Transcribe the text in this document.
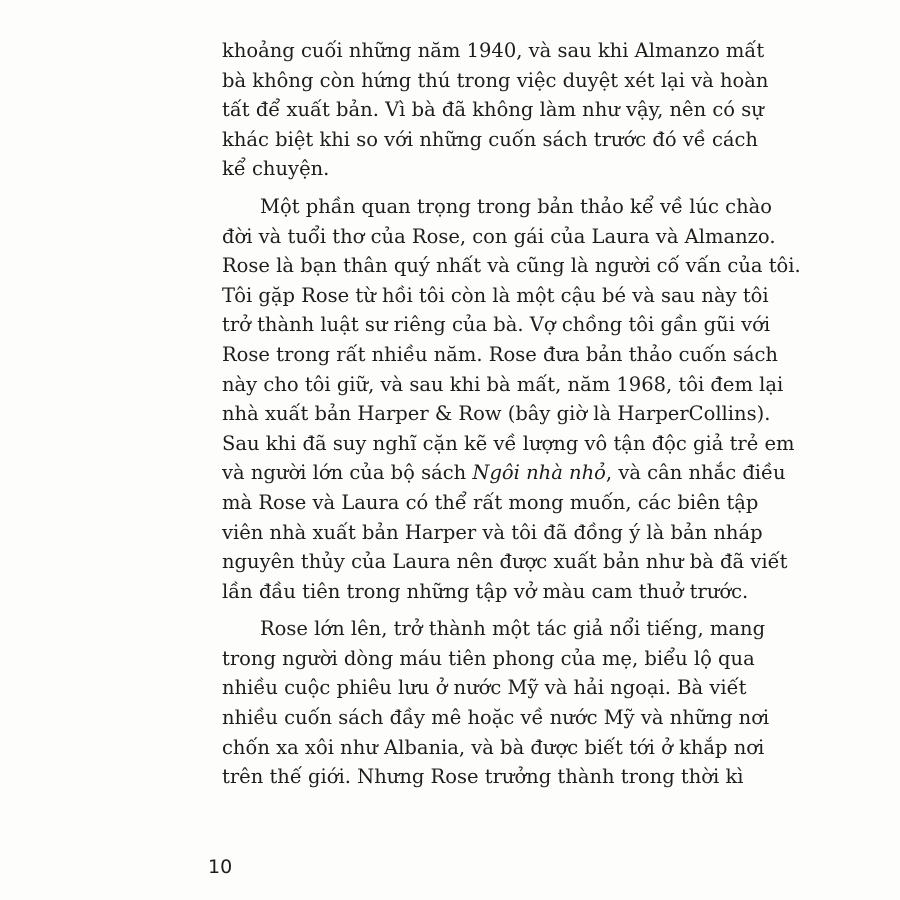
khoảng cuối những năm 1940, và sau khi Almanzo mất
bà không còn hứng thú trong việc duyệt xét lại và hoàn
tất để xuất bản. Vì bà đã không làm như vậy, nên có sự
khác biệt khi so với những cuốn sách trước đó về cách
kể chuyện.

Một phần quan trọng trong bản thảo kể về lúc chào
đời và tuổi thơ của Rose, con gái của Laura và Almanzo.
Rose là bạn thân quý nhất và cũng là người cố vấn của tôi.
Tôi gặp Rose từ hồi tôi còn là một cậu bé và sau này tôi
trở thành luật sư riêng của bà. Vợ chồng tôi gần gũi với
Rose trong rất nhiều năm. Rose đưa bản thảo cuốn sách
này cho tôi giữ, và sau khi bà mất, năm 1968, tôi đem lại
nhà xuất bản Harper & Row (bây giờ là HarperCollins).
Sau khi đã suy nghĩ cặn kẽ về lượng vô tận độc giả trẻ em
và người lớn của bộ sách Ngôi nhà nhỏ, và cân nhắc điều
mà Rose và Laura có thể rất mong muốn, các biên tập
viên nhà xuất bản Harper và tôi đã đồng ý là bản nháp
nguyên thủy của Laura nên được xuất bản như bà đã viết
lần đầu tiên trong những tập vở màu cam thuở trước.

Rose lớn lên, trở thành một tác giả nổi tiếng, mang
trong người dòng máu tiên phong của mẹ, biểu lộ qua
nhiều cuộc phiêu lưu ở nước Mỹ và hải ngoại. Bà viết
nhiều cuốn sách đầy mê hoặc về nước Mỹ và những nơi
chốn xa xôi như Albania, và bà được biết tới ở khắp nơi
trên thế giới. Nhưng Rose trưởng thành trong thời kì

10
